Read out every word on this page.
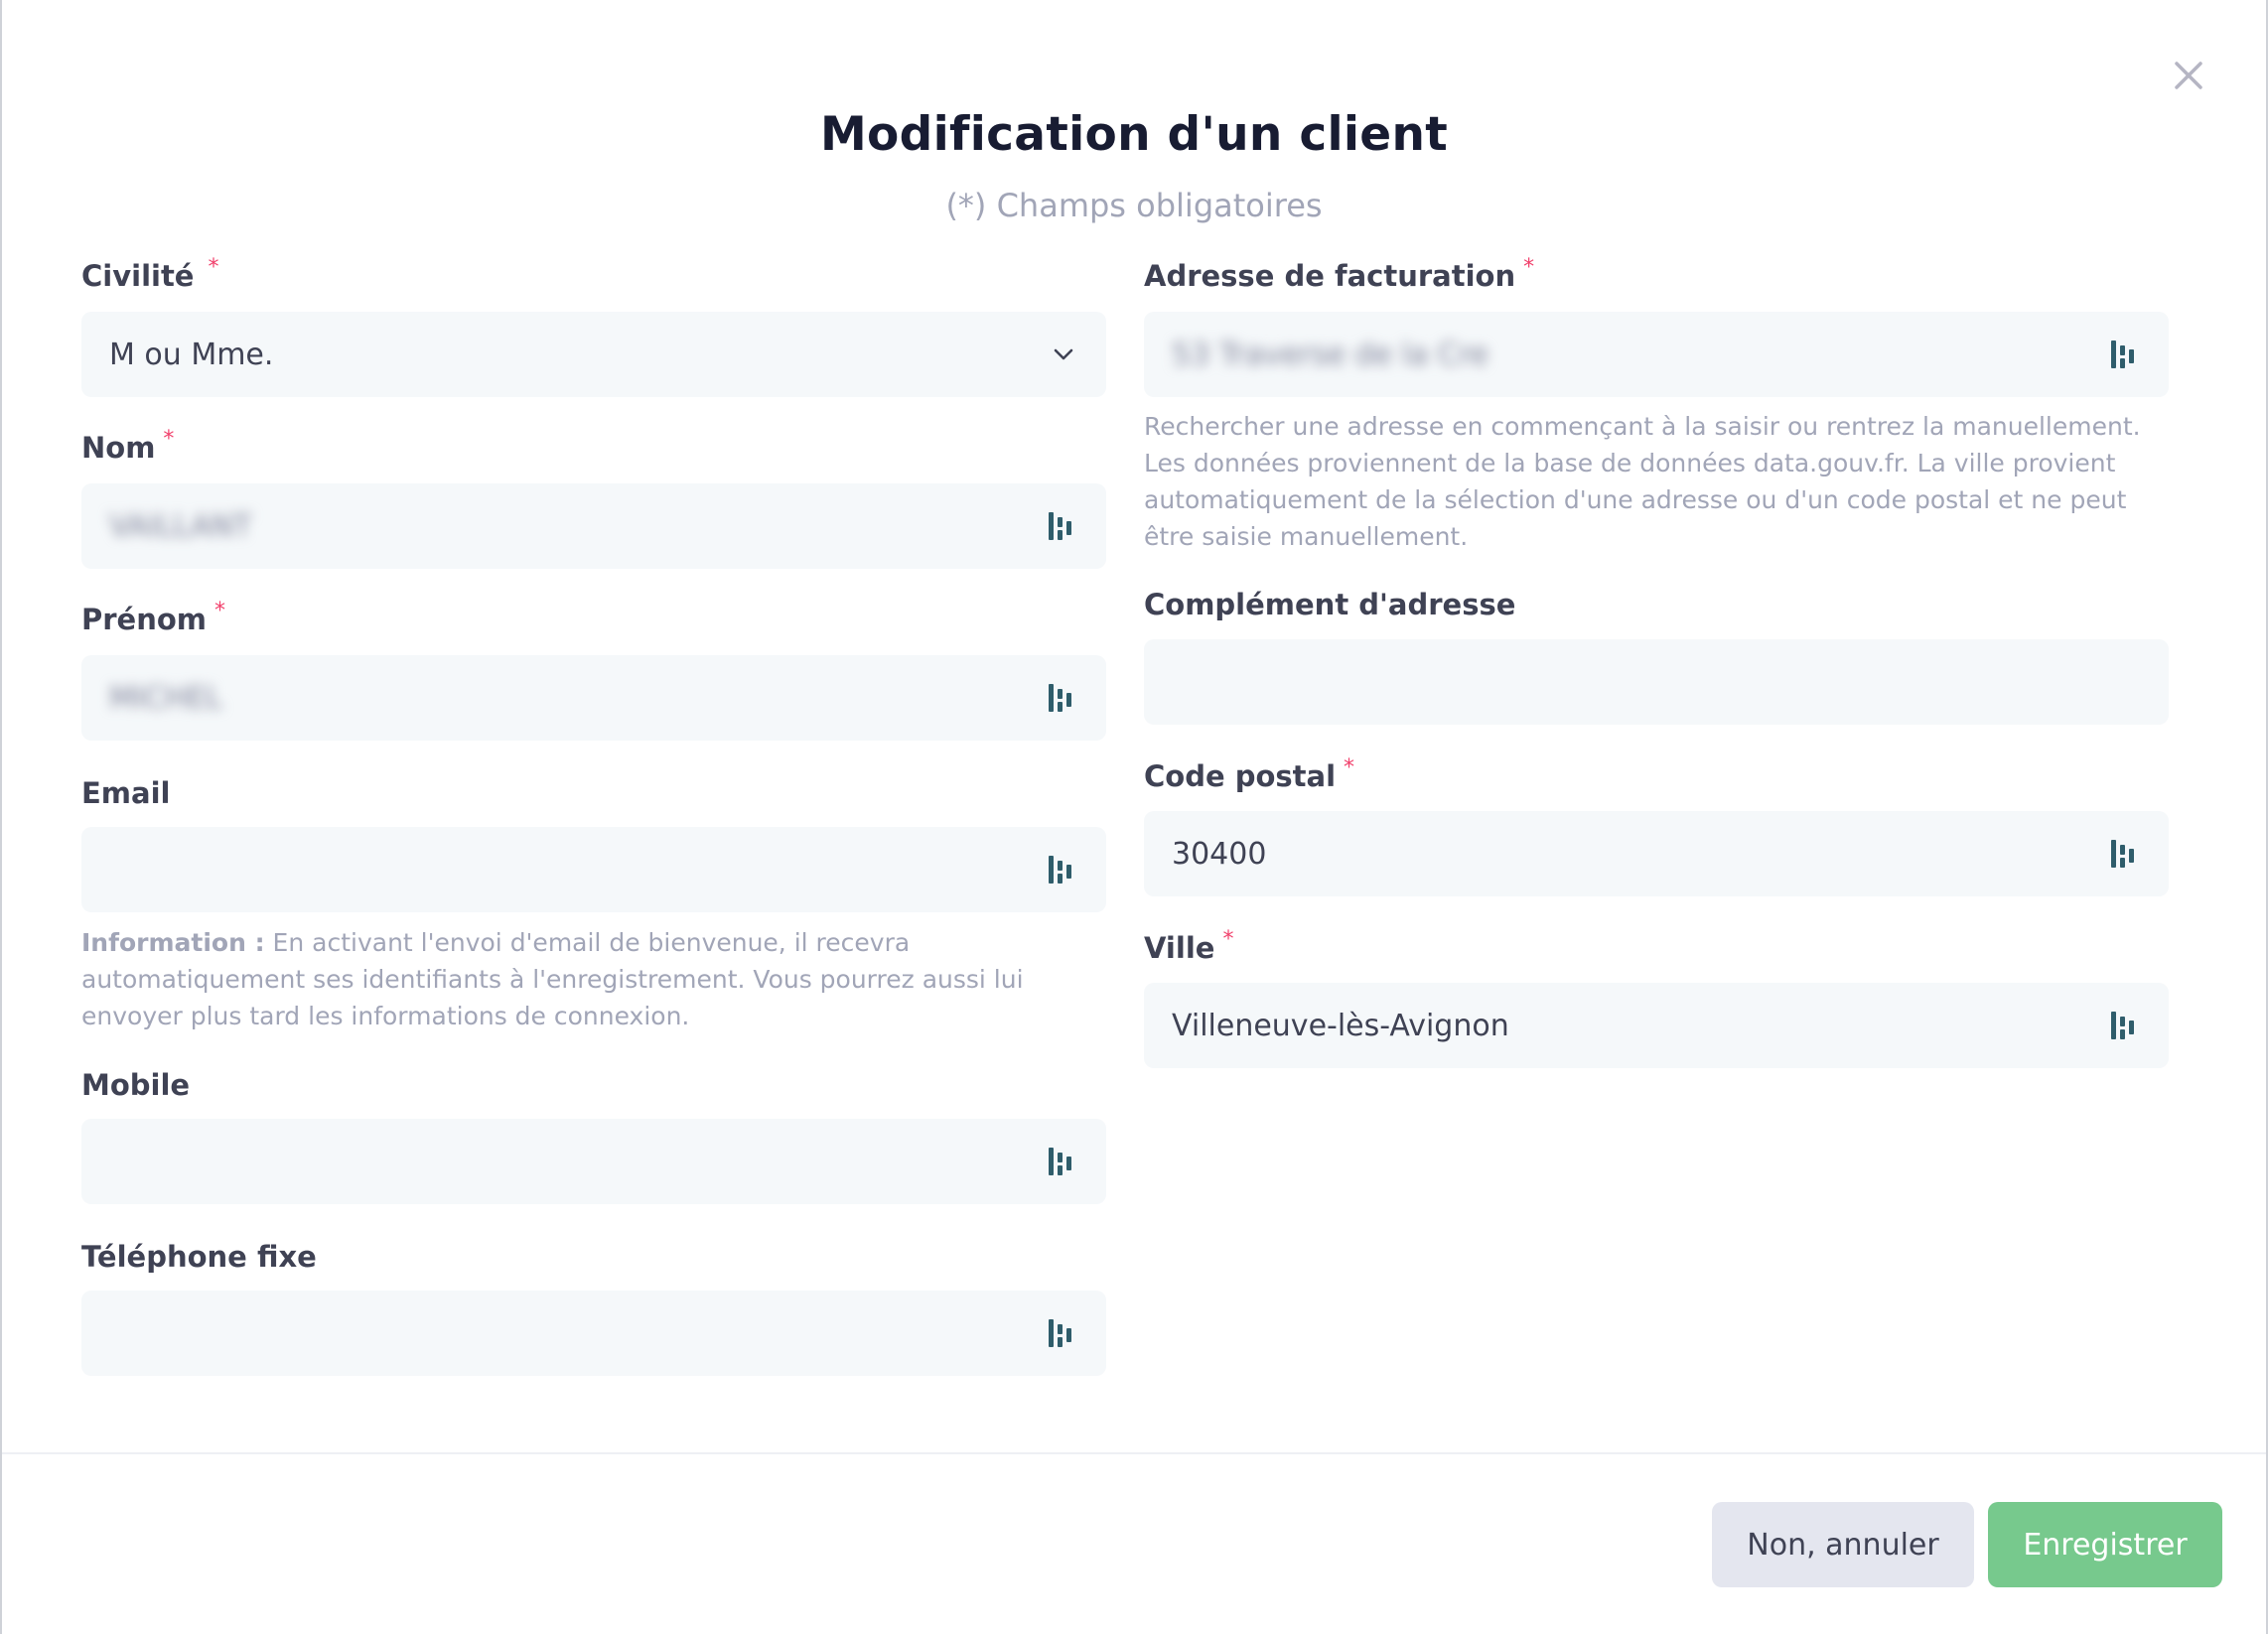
Modification d'un client
(*) Champs obligatoires
Civilité *
M ou Mme.
Nom *
VAILLANT
Prénom *
MICHEL
Email
Information : En activant l'envoi d'email de bienvenue, il recevra automatiquement ses identifiants à l'enregistrement. Vous pourrez aussi lui envoyer plus tard les informations de connexion.
Mobile
Téléphone fixe
Adresse de facturation *
53 Traverse de la Cre
Rechercher une adresse en commençant à la saisir ou rentrez la manuellement. Les données proviennent de la base de données data.gouv.fr. La ville provient automatiquement de la sélection d'une adresse ou d'un code postal et ne peut être saisie manuellement.
Complément d'adresse
Code postal *
30400
Ville *
Villeneuve-lès-Avignon
Non, annuler	Enregistrer
